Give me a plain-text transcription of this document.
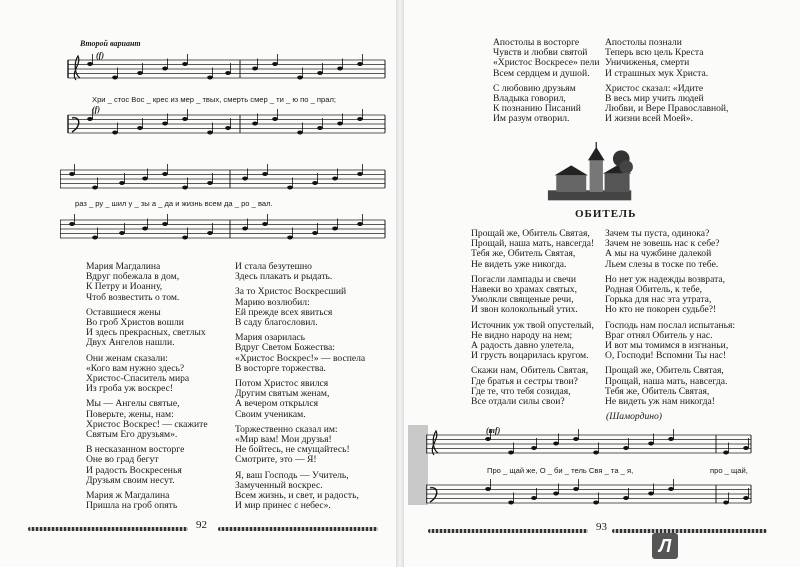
Второй вариант
(f)
(f)
Хри _ стос Вос _ крес из мер _ твых, смерть смер _ ти _ ю по _ прал;
раз _ ру _ шил у _ зы а _ да и жизнь всем да _ ро _ вал.
Мария Магдалина
Вдруг побежала в дом,
К Петру и Иоанну,
Чтоб возвестить о том.
Оставшиеся жены
Во гроб Христов вошли
И здесь прекрасных, светлых
Двух Ангелов нашли.
Они женам сказали:
«Кого вам нужно здесь?
Христос-Спаситель мира
Из гроба уж воскрес!
Мы — Ангелы святые,
Поверьте, жены, нам:
Христос Воскрес! — скажите
Святым Его друзьям».
В несказанном восторге
Оне во град бегут
И радость Воскресенья
Друзьям своим несут.
Мария ж Магдалина
Пришла на гроб опять
И стала безутешно
Здесь плакать и рыдать.
За то Христос Воскресший
Марию возлюбил:
Ей прежде всех явиться
В саду благословил.
Мария озарилась
Вдруг Светом Божества:
«Христос Воскрес!» — воспела
В восторге торжества.
Потом Христос явился
Другим святым женам,
А вечером открылся
Своим ученикам.
Торжественно сказал им:
«Мир вам! Мои друзья!
Не бойтесь, не смущайтесь!
Смотрите, это — Я!
Я, ваш Господь — Учитель,
Замученный воскрес.
Всем жизнь, и свет, и радость,
И мир принес с небес».
92
Апостолы в восторге
Чувств и любви святой
«Христос Воскресе» пели
Всем сердцем и душой.
С любовию друзьям
Владыка говорил,
К познанию Писаний
Им разум отворил.
Апостолы познали
Теперь всю цель Креста
Уничиженья, смерти
И страшных мук Христа.
Христос сказал: «Идите
В весь мир учить людей
Любви, и Вере Православной,
И жизни всей Моей».
ОБИТЕЛЬ
Прощай же, Обитель Святая,
Прощай, наша мать, навсегда!
Тебя же, Обитель Святая,
Не видеть уже никогда.
Погасли лампады и свечи
Навеки во храмах святых,
Умолкли священые речи,
И звон колокольный утих.
Источник уж твой опустелый,
Не видно народу на нем;
А радость давно улетела,
И грусть воцарилась кругом.
Скажи нам, Обитель Святая,
Где братья и сестры твои?
Где те, что тебя созидая,
Все отдали силы свои?
Зачем ты пуста, одинока?
Зачем не зовешь нас к себе?
А мы на чужбине далекой
Льем слезы в тоске по тебе.
Но нет уж надежды возврата,
Родная Обитель, к тебе,
Горька для нас эта утрата,
Но кто не покорен судьбе?!
Господь нам послал испытанья:
Враг отнял Обитель у нас.
И вот мы томимся в изгнаньи,
О, Господи! Вспомни Ты нас!
Прощай же, Обитель Святая,
Прощай, наша мать, навсегда.
Тебя же, Обитель Святая,
Не видеть уж нам никогда!
(Шамордино)
(mf)
Про _ щай же, О _ би _ тель Свя _ та _ я,	про _ щай,
93
Л
